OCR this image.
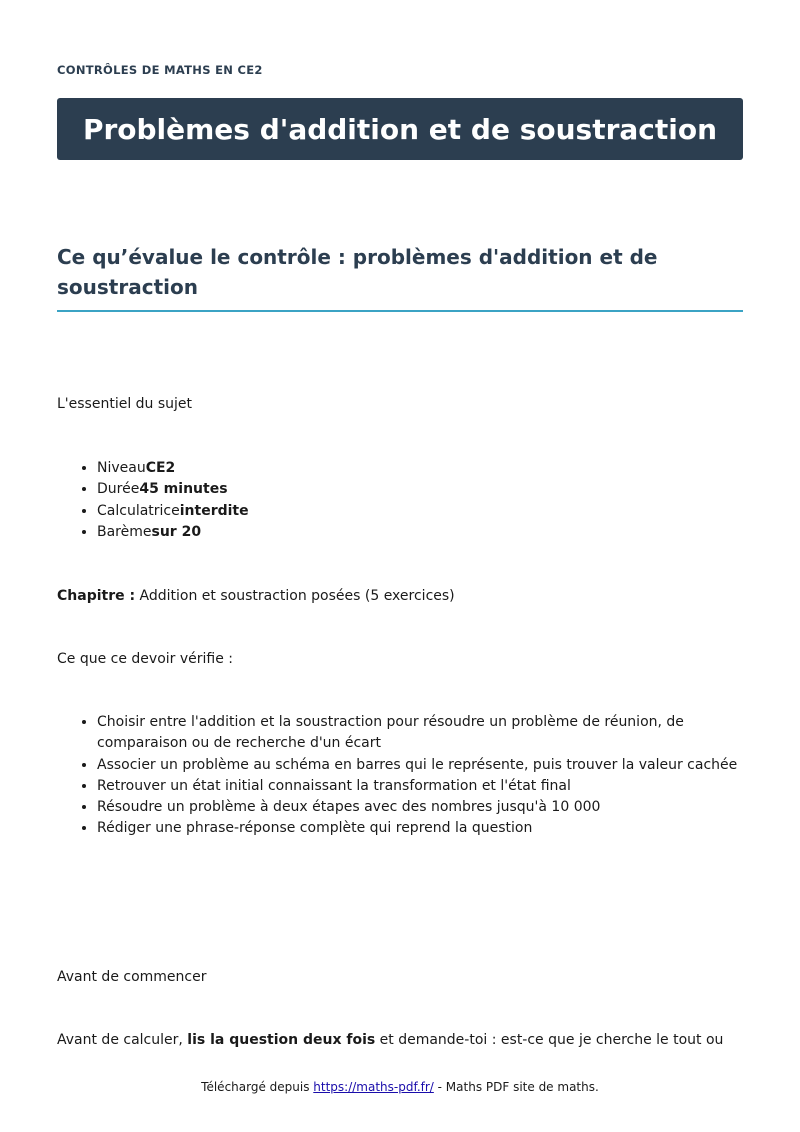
CONTRÔLES DE MATHS EN CE2
Problèmes d'addition et de soustraction
Ce qu’évalue le contrôle : problèmes d'addition et de soustraction

L'essentiel du sujet

• NiveauCE2
• Durée45 minutes
• Calculatriceinterdite
• Barèmesur 20

Chapitre : Addition et soustraction posées (5 exercices)

Ce que ce devoir vérifie :

• Choisir entre l'addition et la soustraction pour résoudre un problème de réunion, de comparaison ou de recherche d'un écart
• Associer un problème au schéma en barres qui le représente, puis trouver la valeur cachée
• Retrouver un état initial connaissant la transformation et l'état final
• Résoudre un problème à deux étapes avec des nombres jusqu'à 10 000
• Rédiger une phrase-réponse complète qui reprend la question

Avant de commencer

Avant de calculer, lis la question deux fois et demande-toi : est-ce que je cherche le tout ou

Téléchargé depuis https://maths-pdf.fr/ - Maths PDF site de maths.
